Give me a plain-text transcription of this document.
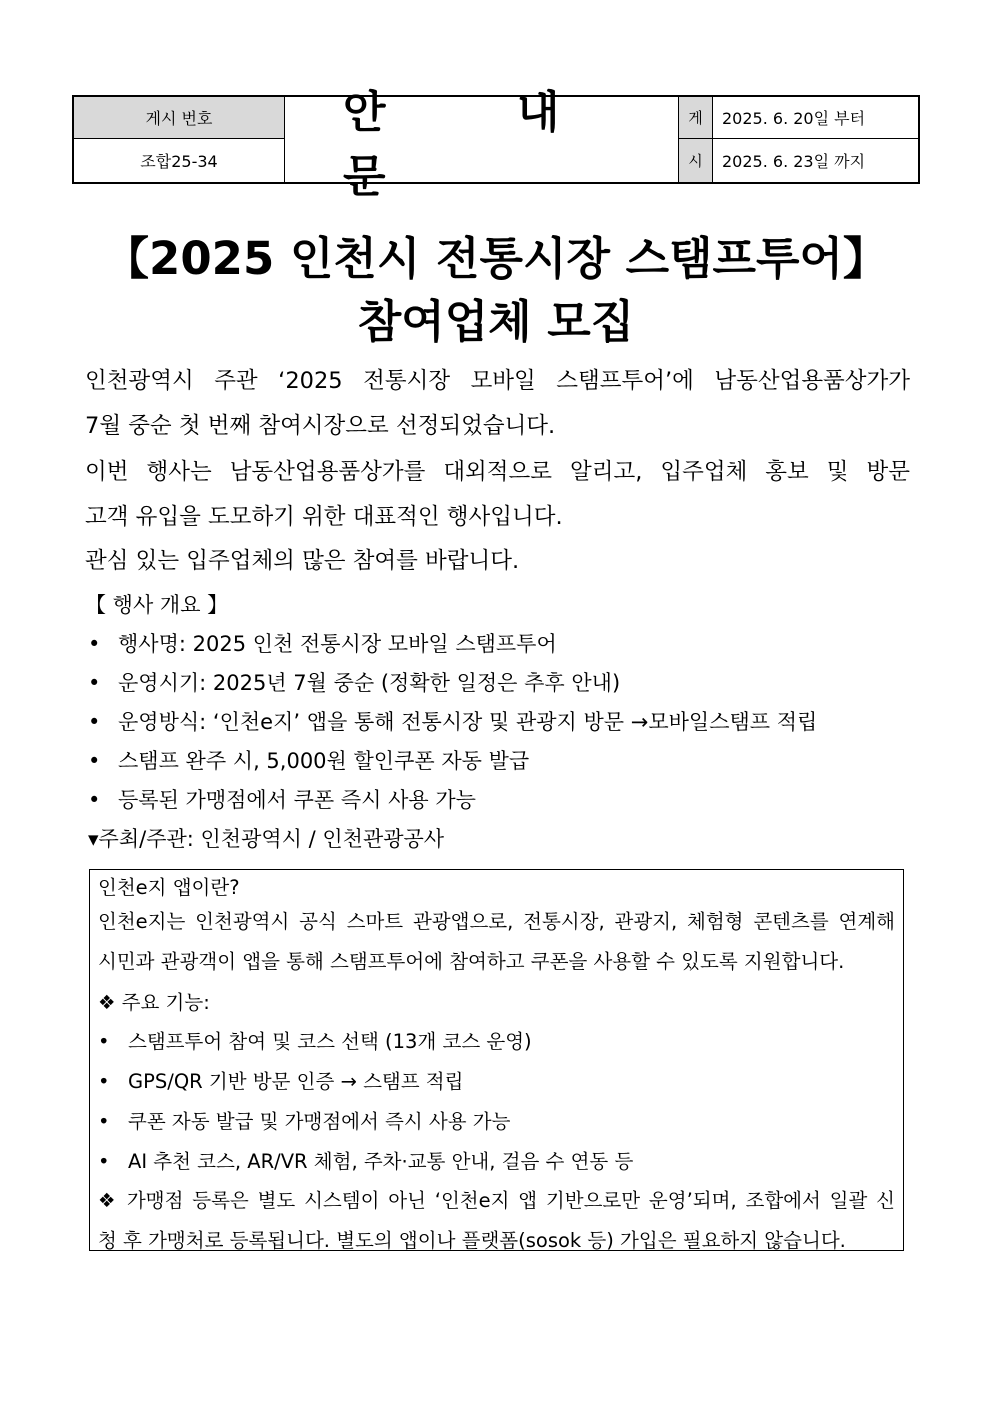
게시 번호
조합25-34
안 내 문
게
시
2025. 6. 20일 부터
2025. 6. 23일 까지
【2025 인천시 전통시장 스탬프투어】
참여업체 모집
인천광역시 주관 ‘2025 전통시장 모바일 스탬프투어’에 남동산업용품상가가
7월 중순 첫 번째 참여시장으로 선정되었습니다.
이번 행사는 남동산업용품상가를 대외적으로 알리고, 입주업체 홍보 및 방문
고객 유입을 도모하기 위한 대표적인 행사입니다.
관심 있는 입주업체의 많은 참여를 바랍니다.
【 행사 개요 】
• 행사명: 2025 인천 전통시장 모바일 스탬프투어
• 운영시기: 2025년 7월 중순 (정확한 일정은 추후 안내)
• 운영방식: ‘인천e지’ 앱을 통해 전통시장 및 관광지 방문 →모바일스탬프 적립
• 스탬프 완주 시, 5,000원 할인쿠폰 자동 발급
• 등록된 가맹점에서 쿠폰 즉시 사용 가능
▾주최/주관: 인천광역시 / 인천관광공사
인천e지 앱이란?
인천e지는 인천광역시 공식 스마트 관광앱으로, 전통시장, 관광지, 체험형 콘텐츠를 연계해
시민과 관광객이 앱을 통해 스탬프투어에 참여하고 쿠폰을 사용할 수 있도록 지원합니다.
❖ 주요 기능:
• 스탬프투어 참여 및 코스 선택 (13개 코스 운영)
• GPS/QR 기반 방문 인증 → 스탬프 적립
• 쿠폰 자동 발급 및 가맹점에서 즉시 사용 가능
• AI 추천 코스, AR/VR 체험, 주차·교통 안내, 걸음 수 연동 등
❖ 가맹점 등록은 별도 시스템이 아닌 ‘인천e지 앱 기반으로만 운영’되며, 조합에서 일괄 신
청 후 가맹처로 등록됩니다. 별도의 앱이나 플랫폼(sosok 등) 가입은 필요하지 않습니다.
